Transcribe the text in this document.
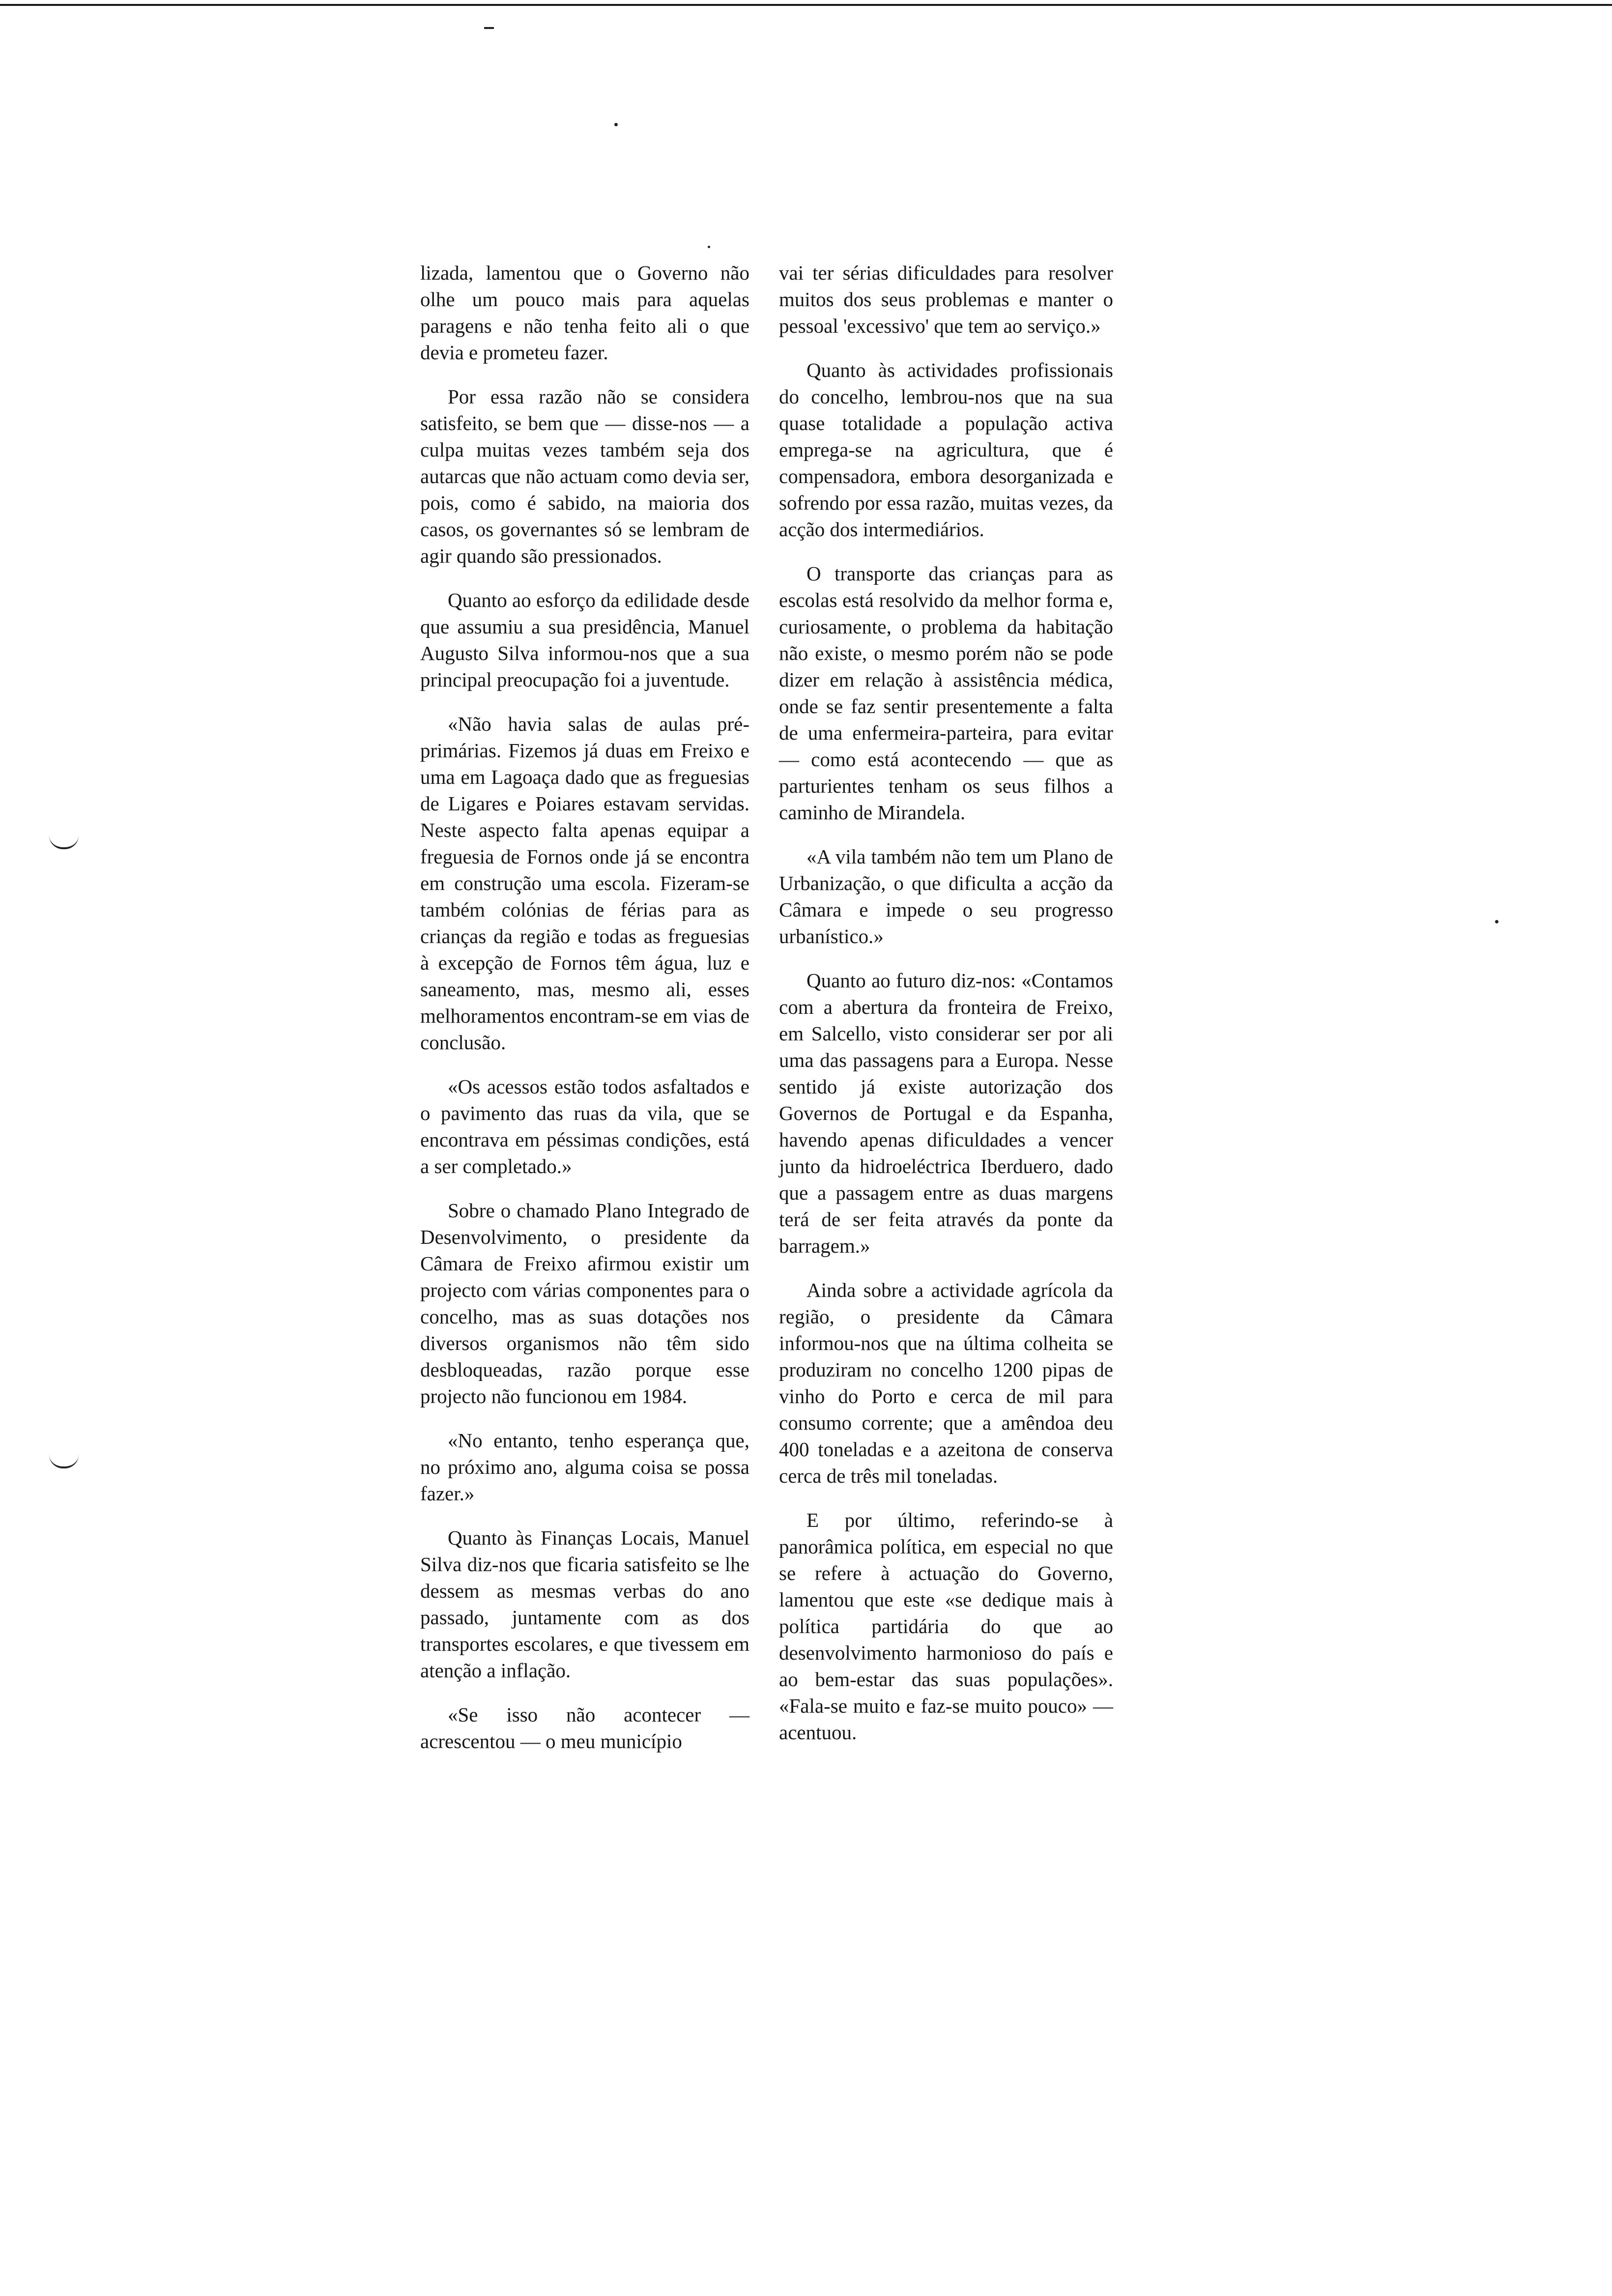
lizada, lamentou que o Governo não olhe um pouco mais para aquelas paragens e não tenha feito ali o que devia e prometeu fazer.

Por essa razão não se considera satisfeito, se bem que — disse-nos — a culpa muitas vezes também seja dos autarcas que não actuam como devia ser, pois, como é sabido, na maioria dos casos, os governantes só se lembram de agir quando são pressionados.

Quanto ao esforço da edilidade desde que assumiu a sua presidência, Manuel Augusto Silva informou-nos que a sua principal preocupação foi a juventude.

«Não havia salas de aulas pré-primárias. Fizemos já duas em Freixo e uma em Lagoaça dado que as freguesias de Ligares e Poiares estavam servidas. Neste aspecto falta apenas equipar a freguesia de Fornos onde já se encontra em construção uma escola. Fizeram-se também colónias de férias para as crianças da região e todas as freguesias à excepção de Fornos têm água, luz e saneamento, mas, mesmo ali, esses melhoramentos encontram-se em vias de conclusão.

«Os acessos estão todos asfaltados e o pavimento das ruas da vila, que se encontrava em péssimas condições, está a ser completado.»

Sobre o chamado Plano Integrado de Desenvolvimento, o presidente da Câmara de Freixo afirmou existir um projecto com várias componentes para o concelho, mas as suas dotações nos diversos organismos não têm sido desbloqueadas, razão porque esse projecto não funcionou em 1984.

«No entanto, tenho esperança que, no próximo ano, alguma coisa se possa fazer.»

Quanto às Finanças Locais, Manuel Silva diz-nos que ficaria satisfeito se lhe dessem as mesmas verbas do ano passado, juntamente com as dos transportes escolares, e que tivessem em atenção a inflação.

«Se isso não acontecer — acrescentou — o meu município

vai ter sérias dificuldades para resolver muitos dos seus problemas e manter o pessoal 'excessivo' que tem ao serviço.»

Quanto às actividades profissionais do concelho, lembrou-nos que na sua quase totalidade a população activa emprega-se na agricultura, que é compensadora, embora desorganizada e sofrendo por essa razão, muitas vezes, da acção dos intermediários.

O transporte das crianças para as escolas está resolvido da melhor forma e, curiosamente, o problema da habitação não existe, o mesmo porém não se pode dizer em relação à assistência médica, onde se faz sentir presentemente a falta de uma enfermeira-parteira, para evitar — como está acontecendo — que as parturientes tenham os seus filhos a caminho de Mirandela.

«A vila também não tem um Plano de Urbanização, o que dificulta a acção da Câmara e impede o seu progresso urbanístico.»

Quanto ao futuro diz-nos: «Contamos com a abertura da fronteira de Freixo, em Salcello, visto considerar ser por ali uma das passagens para a Europa. Nesse sentido já existe autorização dos Governos de Portugal e da Espanha, havendo apenas dificuldades a vencer junto da hidroeléctrica Iberduero, dado que a passagem entre as duas margens terá de ser feita através da ponte da barragem.»

Ainda sobre a actividade agrícola da região, o presidente da Câmara informou-nos que na última colheita se produziram no concelho 1200 pipas de vinho do Porto e cerca de mil para consumo corrente; que a amêndoa deu 400 toneladas e a azeitona de conserva cerca de três mil toneladas.

E por último, referindo-se à panorâmica política, em especial no que se refere à actuação do Governo, lamentou que este «se dedique mais à política partidária do que ao desenvolvimento harmonioso do país e ao bem-estar das suas populações». «Fala-se muito e faz-se muito pouco» — acentuou.
